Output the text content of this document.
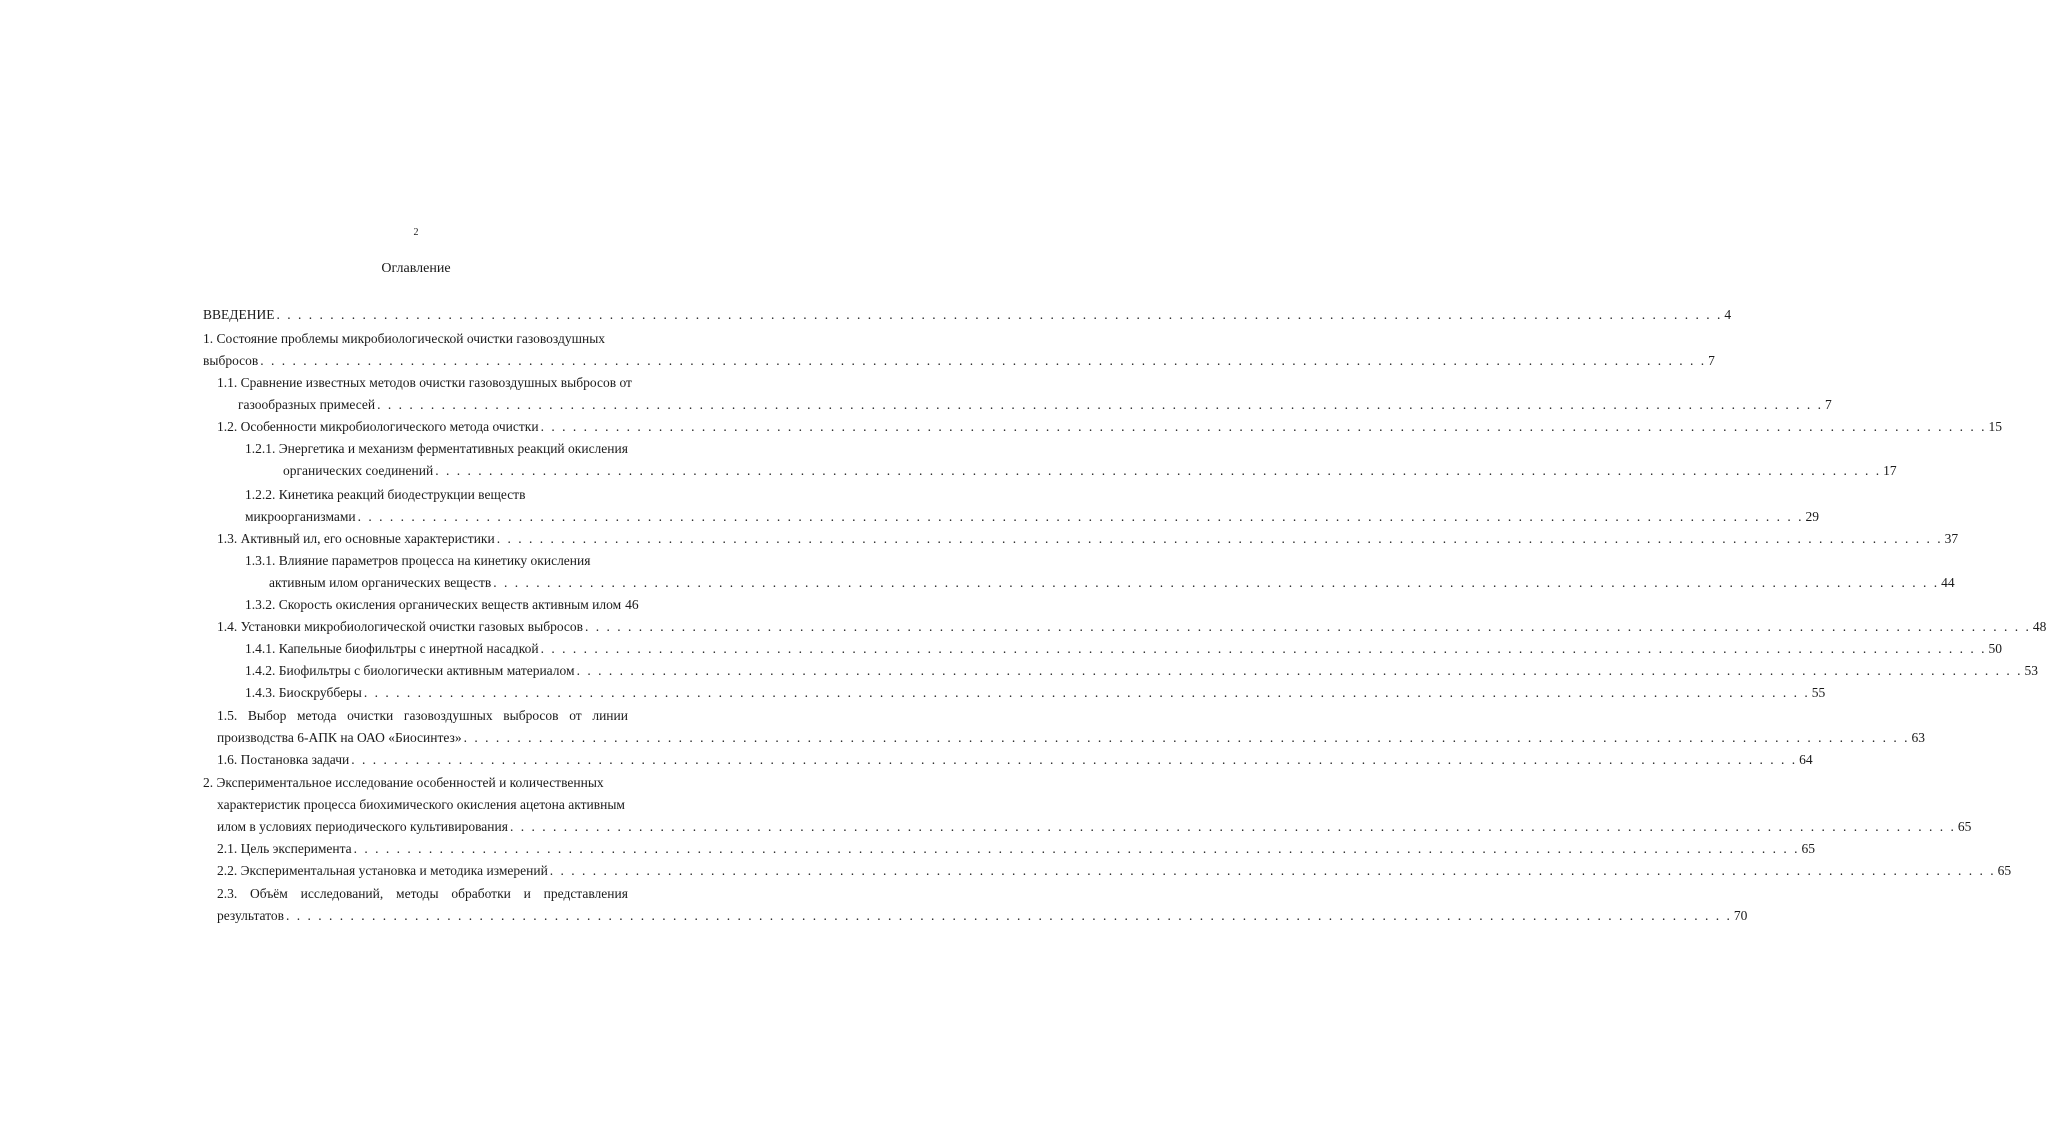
2
Оглавление
ВВЕДЕНИЕ . . .	4
1. Состояние проблемы микробиологической очистки газовоздушных
выбросов . . .	7
1.1. Сравнение известных методов очистки газовоздушных выбросов от
газообразных примесей . . .	7
1.2. Особенности микробиологического метода очистки . . .	15
1.2.1. Энергетика и механизм ферментативных реакций окисления
органических соединений . . .	17
1.2.2. Кинетика реакций биодеструкции веществ
микроорганизмами . . .	29
1.3. Активный ил, его основные характеристики . . .	37
1.3.1. Влияние параметров процесса на кинетику окисления
активным илом органических веществ . . .	44
1.3.2. Скорость окисления органических веществ активным илом 46
1.4. Установки микробиологической очистки газовых выбросов . . .	48
1.4.1. Капельные биофильтры с инертной насадкой . . .	50
1.4.2. Биофильтры с биологически активным материалом . . .	53
1.4.3. Биоскрубберы . . .	55
1.5. Выбор метода очистки газовоздушных выбросов от линии
производства 6-АПК на ОАО «Биосинтез» . . .	63
1.6. Постановка задачи . . .	64
2. Экспериментальное исследование особенностей и количественных
характеристик процесса биохимического окисления ацетона активным
илом в условиях периодического культивирования . . .	65
2.1. Цель эксперимента . . .	65
2.2. Экспериментальная установка и методика измерений . . .	65
2.3. Объём исследований, методы обработки и представления
результатов . . .	70
